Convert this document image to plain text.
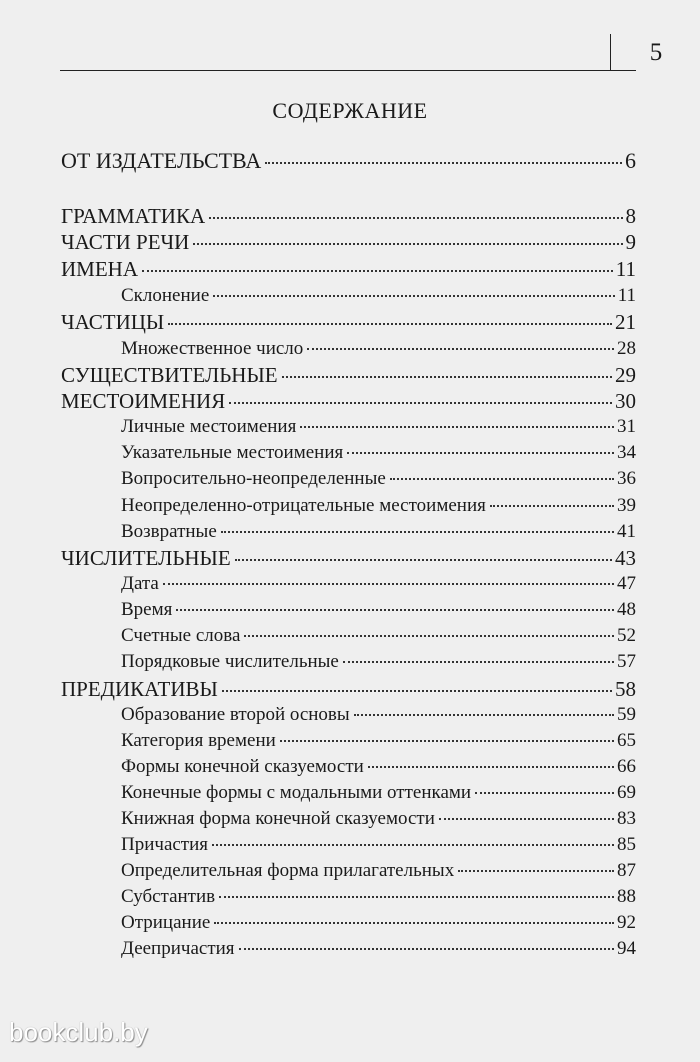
5
СОДЕРЖАНИЕ
ОТ ИЗДАТЕЛЬСТВА	6
ГРАММАТИКА	8
ЧАСТИ РЕЧИ	9
ИМЕНА	11
Склонение	11
ЧАСТИЦЫ	21
Множественное число	28
СУЩЕСТВИТЕЛЬНЫЕ	29
МЕСТОИМЕНИЯ	30
Личные местоимения	31
Указательные местоимения	34
Вопросительно-неопределенные	36
Неопределенно-отрицательные местоимения	39
Возвратные	41
ЧИСЛИТЕЛЬНЫЕ	43
Дата	47
Время	48
Счетные слова	52
Порядковые числительные	57
ПРЕДИКАТИВЫ	58
Образование второй основы	59
Категория времени	65
Формы конечной сказуемости	66
Конечные формы с модальными оттенками	69
Книжная форма конечной сказуемости	83
Причастия	85
Определительная форма прилагательных	87
Субстантив	88
Отрицание	92
Деепричастия	94
bookclub.by
